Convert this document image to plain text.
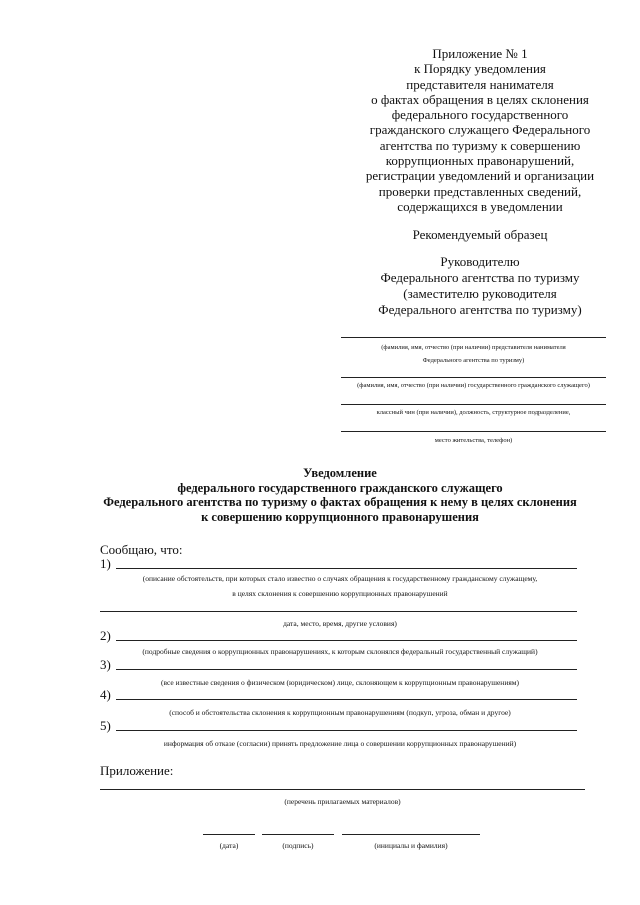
Приложение № 1
к Порядку уведомления
представителя нанимателя
о фактах обращения в целях склонения
федерального государственного
гражданского служащего Федерального
агентства по туризму к совершению
коррупционных правонарушений,
регистрации уведомлений и организации
проверки представленных сведений,
содержащихся в уведомлении
Рекомендуемый образец
Руководителю
Федерального агентства по туризму
(заместителю руководителя
Федерального агентства по туризму)
(фамилия, имя, отчество (при наличии) представителя нанимателя
Федерального агентства по туризму)
(фамилия, имя, отчество (при наличии) государственного гражданского служащего)
классный чин (при наличии), должность, структурное подразделение,
место жительства, телефон)
Уведомление
федерального государственного гражданского служащего
Федерального агентства по туризму о фактах обращения к нему в целях склонения
к совершению коррупционного правонарушения
Сообщаю, что:
1)
(описание обстоятельств, при которых стало известно о случаях обращения к государственному гражданскому служащему,
в целях склонения к совершению коррупционных правонарушений
дата, место, время, другие условия)
2)
(подробные сведения о коррупционных правонарушениях, к которым склонялся федеральный государственный служащий)
3)
(все известные сведения о физическом (юридическом) лице, склоняющем к коррупционным правонарушениям)
4)
(способ и обстоятельства склонения к коррупционным правонарушениям (подкуп, угроза, обман и другое)
5)
информация об отказе (согласии) принять предложение лица о совершении коррупционных правонарушений)
Приложение:
(перечень прилагаемых материалов)
(дата)	(подпись)	(инициалы и фамилия)
